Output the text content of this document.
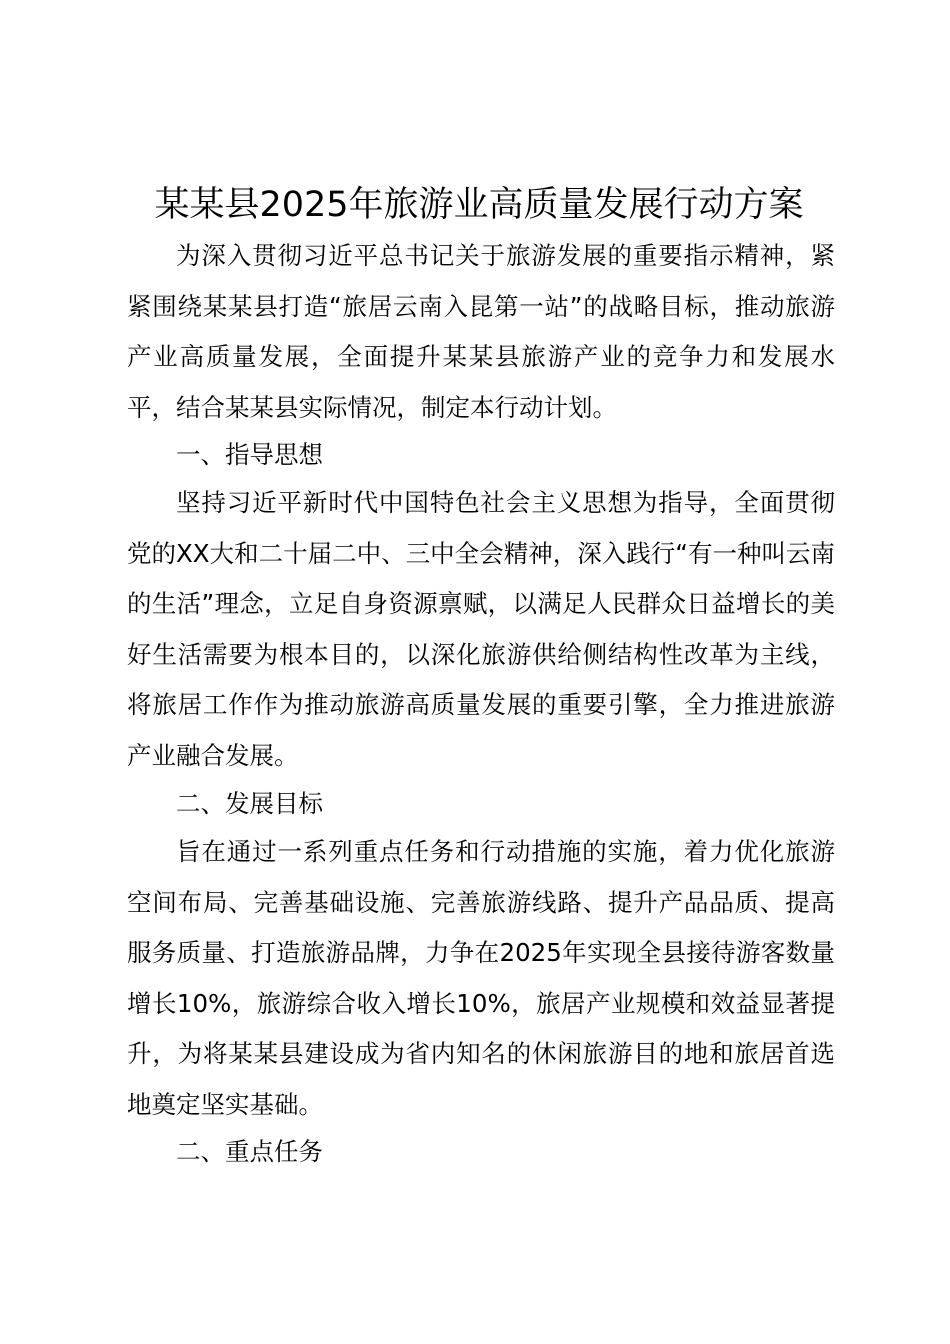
某某县2025年旅游业高质量发展行动方案

为深入贯彻习近平总书记关于旅游发展的重要指示精神，紧紧围绕某某县打造“旅居云南入昆第一站”的战略目标，推动旅游产业高质量发展，全面提升某某县旅游产业的竞争力和发展水平，结合某某县实际情况，制定本行动计划。

一、指导思想

坚持习近平新时代中国特色社会主义思想为指导，全面贯彻党的XX大和二十届二中、三中全会精神，深入践行“有一种叫云南的生活”理念，立足自身资源禀赋，以满足人民群众日益增长的美好生活需要为根本目的，以深化旅游供给侧结构性改革为主线，将旅居工作作为推动旅游高质量发展的重要引擎，全力推进旅游产业融合发展。

二、发展目标

旨在通过一系列重点任务和行动措施的实施，着力优化旅游空间布局、完善基础设施、完善旅游线路、提升产品品质、提高服务质量、打造旅游品牌，力争在2025年实现全县接待游客数量增长10%，旅游综合收入增长10%，旅居产业规模和效益显著提升，为将某某县建设成为省内知名的休闲旅游目的地和旅居首选地奠定坚实基础。

二、重点任务
